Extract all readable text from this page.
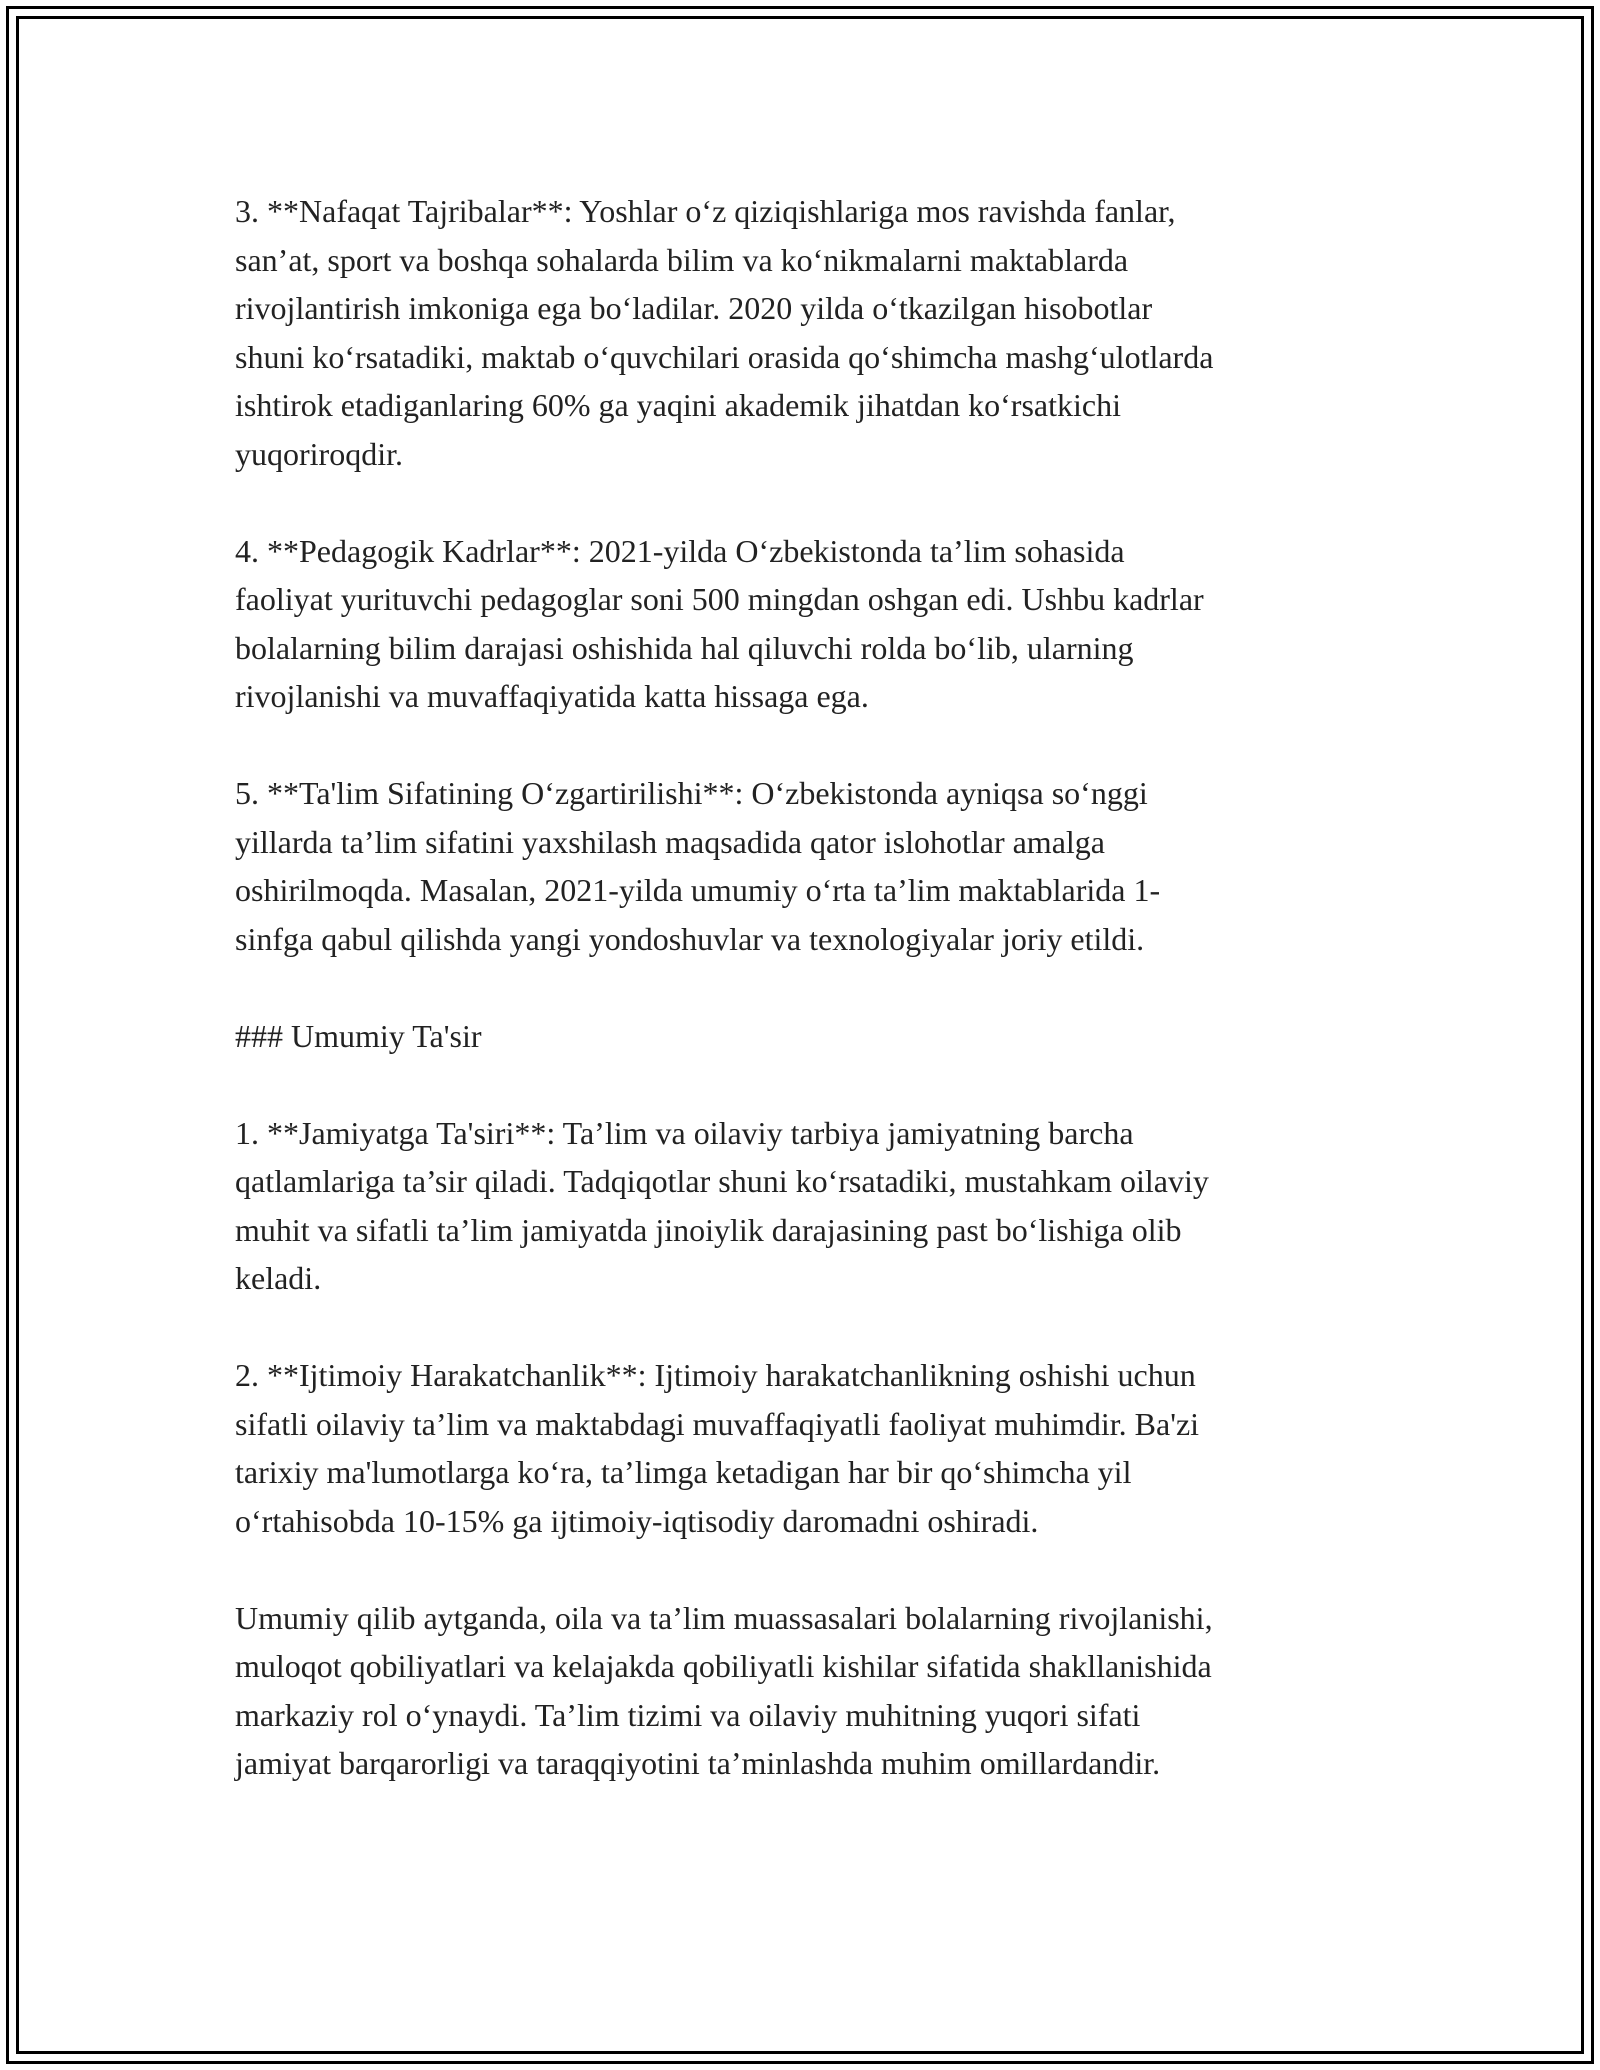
3. **Nafaqat Tajribalar**: Yoshlar o‘z qiziqishlariga mos ravishda fanlar,
san’at, sport va boshqa sohalarda bilim va ko‘nikmalarni maktablarda
rivojlantirish imkoniga ega bo‘ladilar. 2020 yilda o‘tkazilgan hisobotlar
shuni ko‘rsatadiki, maktab o‘quvchilari orasida qo‘shimcha mashg‘ulotlarda
ishtirok etadiganlaring 60% ga yaqini akademik jihatdan ko‘rsatkichi
yuqoriroqdir.

4. **Pedagogik Kadrlar**: 2021-yilda O‘zbekistonda ta’lim sohasida
faoliyat yurituvchi pedagoglar soni 500 mingdan oshgan edi. Ushbu kadrlar
bolalarning bilim darajasi oshishida hal qiluvchi rolda bo‘lib, ularning
rivojlanishi va muvaffaqiyatida katta hissaga ega.

5. **Ta'lim Sifatining O‘zgartirilishi**: O‘zbekistonda ayniqsa so‘nggi
yillarda ta’lim sifatini yaxshilash maqsadida qator islohotlar amalga
oshirilmoqda. Masalan, 2021-yilda umumiy o‘rta ta’lim maktablarida 1-
sinfga qabul qilishda yangi yondoshuvlar va texnologiyalar joriy etildi.

### Umumiy Ta'sir

1. **Jamiyatga Ta'siri**: Ta’lim va oilaviy tarbiya jamiyatning barcha
qatlamlariga ta’sir qiladi. Tadqiqotlar shuni ko‘rsatadiki, mustahkam oilaviy
muhit va sifatli ta’lim jamiyatda jinoiylik darajasining past bo‘lishiga olib
keladi.

2. **Ijtimoiy Harakatchanlik**: Ijtimoiy harakatchanlikning oshishi uchun
sifatli oilaviy ta’lim va maktabdagi muvaffaqiyatli faoliyat muhimdir. Ba'zi
tarixiy ma'lumotlarga ko‘ra, ta’limga ketadigan har bir qo‘shimcha yil
o‘rtahisobda 10-15% ga ijtimoiy-iqtisodiy daromadni oshiradi.

Umumiy qilib aytganda, oila va ta’lim muassasalari bolalarning rivojlanishi,
muloqot qobiliyatlari va kelajakda qobiliyatli kishilar sifatida shakllanishida
markaziy rol o‘ynaydi. Ta’lim tizimi va oilaviy muhitning yuqori sifati
jamiyat barqarorligi va taraqqiyotini ta’minlashda muhim omillardandir.
